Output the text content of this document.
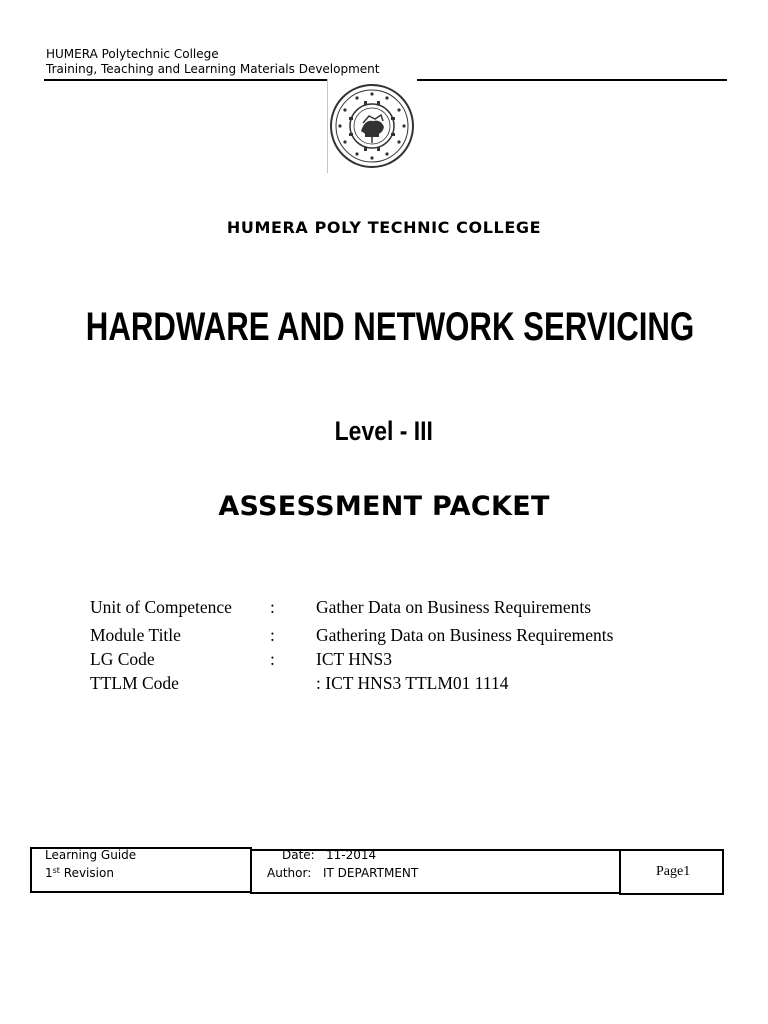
HUMERA Polytechnic College
Training, Teaching and Learning Materials Development
HUMERA POLY TECHNIC COLLEGE
HARDWARE AND NETWORK SERVICING
Level - III
ASSESSMENT PACKET
Unit of Competence : Gather Data on Business Requirements
Module Title	: Gathering Data on Business Requirements
LG Code	: ICT HNS3
TTLM Code	: ICT HNS3 TTLM01 1114
Learning Guide
1st Revision
Date: 11-2014
Author: IT DEPARTMENT	Page1
